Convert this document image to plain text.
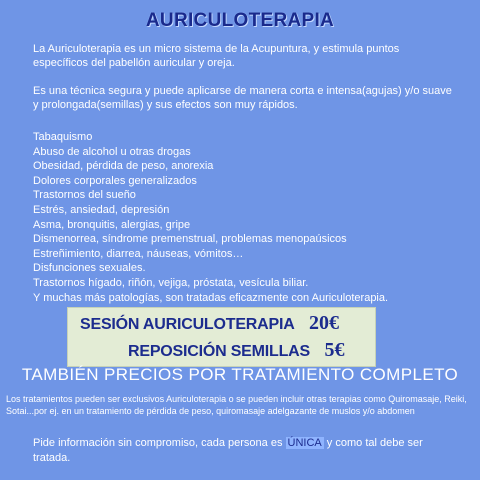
AURICULOTERAPIA
La Auriculoterapia es un micro sistema de la Acupuntura, y estimula puntos específicos del pabellón auricular y oreja.
Es una técnica segura y puede aplicarse de manera corta e intensa(agujas) y/o suave y prolongada(semillas) y sus efectos son muy rápidos.
Tabaquismo
Abuso de alcohol u otras drogas
Obesidad, pérdida de peso, anorexia
Dolores corporales generalizados
Trastornos del sueño
Estrés, ansiedad, depresión
Asma, bronquitis, alergias, gripe
Dismenorrea, síndrome premenstrual, problemas menopaúsicos
Estreñimiento, diarrea, náuseas, vómitos…
Disfunciones sexuales.
Trastornos hígado, riñón, vejiga, próstata, vesícula biliar.
Y muchas más patologías, son tratadas eficazmente con Auriculoterapia.
SESIÓN AURICULOTERAPIA 20€
REPOSICIÓN SEMILLAS 5€
TAMBIÉN PRECIOS POR TRATAMIENTO COMPLETO
Los tratamientos pueden ser exclusivos Auriculoterapia o se pueden incluir otras terapias como Quiromasaje, Reiki, Sotai...por ej. en un tratamiento de pérdida de peso, quiromasaje adelgazante de muslos y/o abdomen
Pide información sin compromiso, cada persona es ÚNICA y como tal debe ser tratada.
